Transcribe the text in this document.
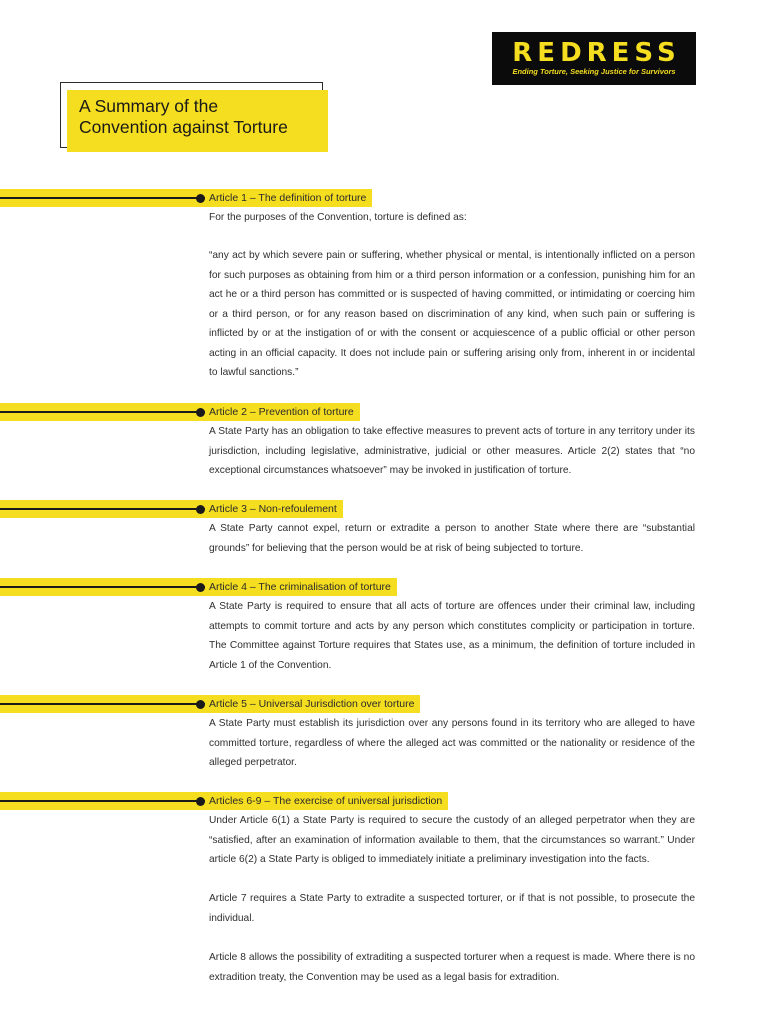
REDRESS
Ending Torture, Seeking Justice for Survivors
A Summary of the
Convention against Torture
Article 1 – The definition of torture

For the purposes of the Convention, torture is defined as:

“any act by which severe pain or suffering, whether physical or mental, is intentionally inflicted on a person for such purposes as obtaining from him or a third person information or a confession, punishing him for an act he or a third person has committed or is suspected of having committed, or intimidating or coercing him or a third person, or for any reason based on discrimination of any kind, when such pain or suffering is inflicted by or at the instigation of or with the consent or acquiescence of a public official or other person acting in an official capacity. It does not include pain or suffering arising only from, inherent in or incidental to lawful sanctions.”

Article 2 – Prevention of torture

A State Party has an obligation to take effective measures to prevent acts of torture in any territory under its jurisdiction, including legislative, administrative, judicial or other measures. Article 2(2) states that “no exceptional circumstances whatsoever” may be invoked in justification of torture.

Article 3 – Non-refoulement

A State Party cannot expel, return or extradite a person to another State where there are “substantial grounds” for believing that the person would be at risk of being subjected to torture.

Article 4 – The criminalisation of torture

A State Party is required to ensure that all acts of torture are offences under their criminal law, including attempts to commit torture and acts by any person which constitutes complicity or participation in torture. The Committee against Torture requires that States use, as a minimum, the definition of torture included in Article 1 of the Convention.

Article 5 – Universal Jurisdiction over torture

A State Party must establish its jurisdiction over any persons found in its territory who are alleged to have committed torture, regardless of where the alleged act was committed or the nationality or residence of the alleged perpetrator.

Articles 6-9 – The exercise of universal jurisdiction

Under Article 6(1) a State Party is required to secure the custody of an alleged perpetrator when they are “satisfied, after an examination of information available to them, that the circumstances so warrant.” Under article 6(2) a State Party is obliged to immediately initiate a preliminary investigation into the facts.

Article 7 requires a State Party to extradite a suspected torturer, or if that is not possible, to prosecute the individual.

Article 8 allows the possibility of extraditing a suspected torturer when a request is made. Where there is no extradition treaty, the Convention may be used as a legal basis for extradition.
